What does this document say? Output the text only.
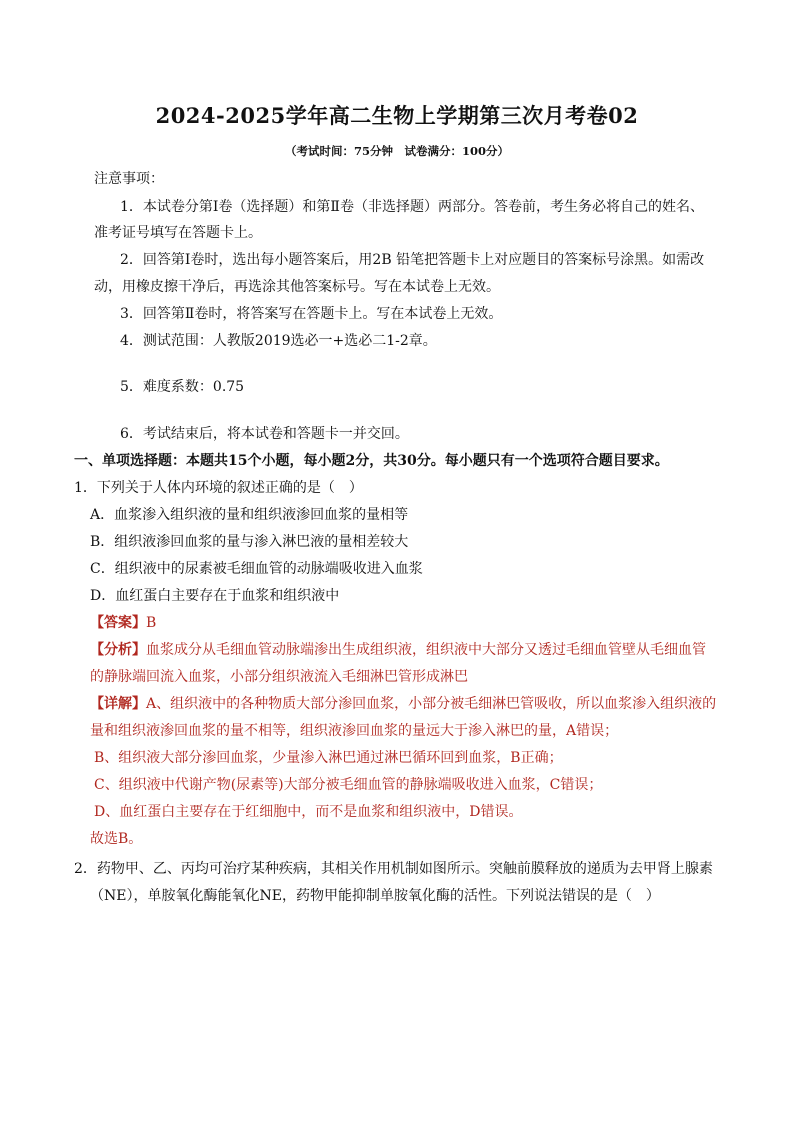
2024-2025学年高二生物上学期第三次月考卷02
（考试时间：75分钟　试卷满分：100分）
注意事项：
1．本试卷分第Ⅰ卷（选择题）和第Ⅱ卷（非选择题）两部分。答卷前，考生务必将自己的姓名、
准考证号填写在答题卡上。
2．回答第Ⅰ卷时，选出每小题答案后，用2B 铅笔把答题卡上对应题目的答案标号涂黑。如需改
动，用橡皮擦干净后，再选涂其他答案标号。写在本试卷上无效。
3．回答第Ⅱ卷时，将答案写在答题卡上。写在本试卷上无效。
4．测试范围：人教版2019选必一+选必二1-2章。
5．难度系数：0.75
6．考试结束后，将本试卷和答题卡一并交回。
一、单项选择题：本题共15个小题，每小题2分，共30分。每小题只有一个选项符合题目要求。
1．下列关于人体内环境的叙述正确的是（　）
A．血浆渗入组织液的量和组织液渗回血浆的量相等
B．组织液渗回血浆的量与渗入淋巴液的量相差较大
C．组织液中的尿素被毛细血管的动脉端吸收进入血浆
D．血红蛋白主要存在于血浆和组织液中
【答案】B
【分析】血浆成分从毛细血管动脉端渗出生成组织液，组织液中大部分又透过毛细血管壁从毛细血管
的静脉端回流入血浆，小部分组织液流入毛细淋巴管形成淋巴
【详解】A、组织液中的各种物质大部分渗回血浆，小部分被毛细淋巴管吸收，所以血浆渗入组织液的
量和组织液渗回血浆的量不相等，组织液渗回血浆的量远大于渗入淋巴的量，A错误；
B、组织液大部分渗回血浆，少量渗入淋巴通过淋巴循环回到血浆，B正确；
C、组织液中代谢产物(尿素等)大部分被毛细血管的静脉端吸收进入血浆，C错误；
D、血红蛋白主要存在于红细胞中，而不是血浆和组织液中，D错误。
故选B。
2．药物甲、乙、丙均可治疗某种疾病，其相关作用机制如图所示。突触前膜释放的递质为去甲肾上腺素
（NE），单胺氧化酶能氧化NE，药物甲能抑制单胺氧化酶的活性。下列说法错误的是（　）
